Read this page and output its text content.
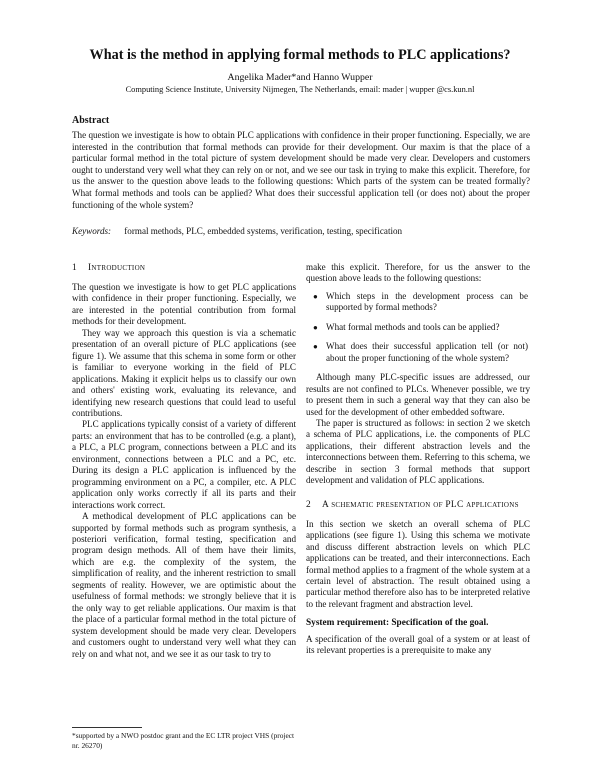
What is the method in applying formal methods to PLC applications?
Angelika Mader*and Hanno Wupper
Computing Science Institute, University Nijmegen, The Netherlands, email: mader | wupper @cs.kun.nl
Abstract

The question we investigate is how to obtain PLC applications with confidence in their proper functioning. Especially, we are interested in the contribution that formal methods can provide for their development. Our maxim is that the place of a particular formal method in the total picture of system development should be made very clear. Developers and customers ought to understand very well what they can rely on or not, and we see our task in trying to make this explicit. Therefore, for us the answer to the question above leads to the following questions: Which parts of the system can be treated formally? What formal methods and tools can be applied? What does their successful application tell (or does not) about the proper functioning of the whole system?

Keywords: formal methods, PLC, embedded systems, verification, testing, specification
1 Introduction

The question we investigate is how to get PLC applications with confidence in their proper functioning. Especially, we are interested in the potential contribution from formal methods for their development.

They way we approach this question is via a schematic presentation of an overall picture of PLC applications (see figure 1). We assume that this schema in some form or other is familiar to everyone working in the field of PLC applications. Making it explicit helps us to classify our own and others' existing work, evaluating its relevance, and identifying new research questions that could lead to useful contributions.

PLC applications typically consist of a variety of different parts: an environment that has to be controlled (e.g. a plant), a PLC, a PLC program, connections between a PLC and its environment, connections between a PLC and a PC, etc. During its design a PLC application is influenced by the programming environment on a PC, a compiler, etc. A PLC application only works correctly if all its parts and their interactions work correct.

A methodical development of PLC applications can be supported by formal methods such as program synthesis, a posteriori verification, formal testing, specification and program design methods. All of them have their limits, which are e.g. the complexity of the system, the simplification of reality, and the inherent restriction to small segments of reality. However, we are optimistic about the usefulness of formal methods: we strongly believe that it is the only way to get reliable applications. Our maxim is that the place of a particular formal method in the total picture of system development should be made very clear. Developers and customers ought to understand very well what they can rely on and what not, and we see it as our task to try to

make this explicit. Therefore, for us the answer to the question above leads to the following questions:

● Which steps in the development process can be supported by formal methods?
● What formal methods and tools can be applied?
● What does their successful application tell (or not) about the proper functioning of the whole system?

Although many PLC-specific issues are addressed, our results are not confined to PLCs. Whenever possible, we try to present them in such a general way that they can also be used for the development of other embedded software.

The paper is structured as follows: in section 2 we sketch a schema of PLC applications, i.e. the components of PLC applications, their different abstraction levels and the interconnections between them. Referring to this schema, we describe in section 3 formal methods that support development and validation of PLC applications.

2	A schematic presentation of PLC applications

In this section we sketch an overall schema of PLC applications (see figure 1). Using this schema we motivate and discuss different abstraction levels on which PLC applications can be treated, and their interconnections. Each formal method applies to a fragment of the whole system at a certain level of abstraction. The result obtained using a particular method therefore also has to be interpreted relative to the relevant fragment and abstraction level.

System requirement: Specification of the goal.

A specification of the overall goal of a system or at least of its relevant properties is a prerequisite to make any

*supported by a NWO postdoc grant and the EC LTR project VHS (project nr. 26270)
